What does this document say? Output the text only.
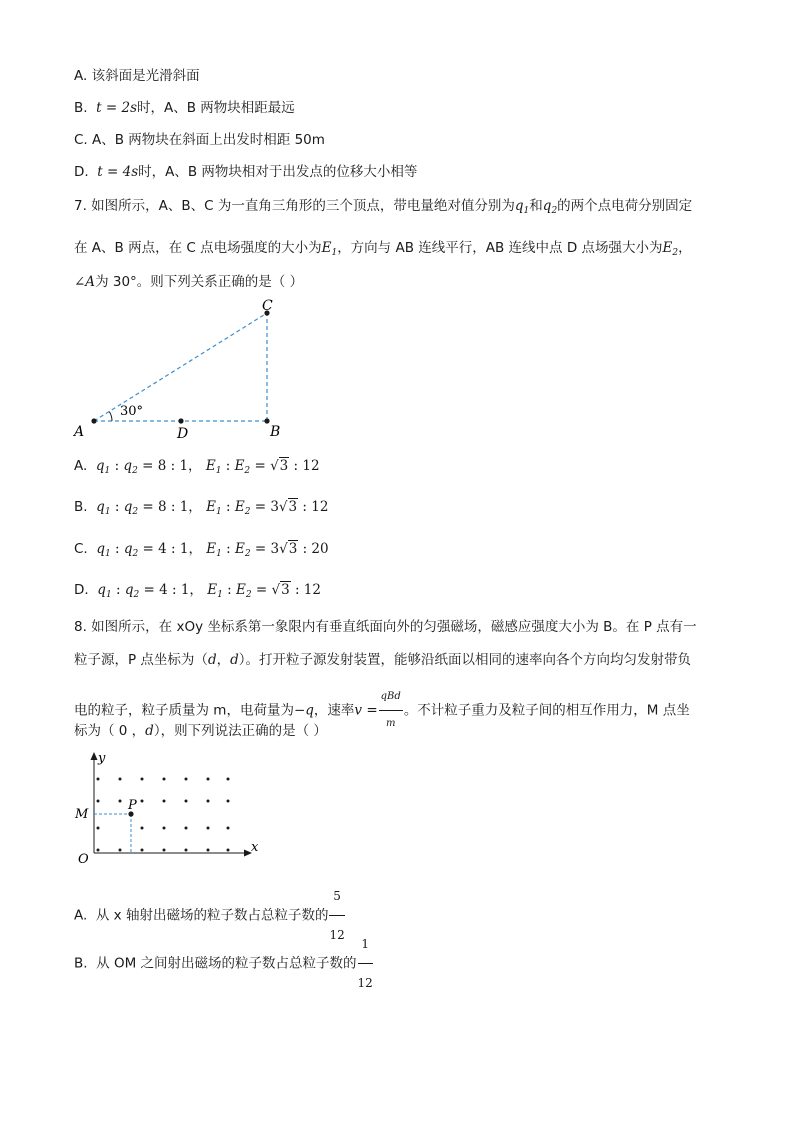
A. 该斜面是光滑斜面
B. t = 2s时，A、B 两物块相距最远
C. A、B 两物块在斜面上出发时相距 50m
D. t = 4s时，A、B 两物块相对于出发点的位移大小相等
7. 如图所示，A、B、C 为一直角三角形的三个顶点，带电量绝对值分别为$q_1$和$q_2$的两个点电荷分别固定
在 A、B 两点，在 C 点电场强度的大小为$E_1$，方向与 AB 连线平行，AB 连线中点 D 点场强大小为$E_2$，
∠A为 30°。则下列关系正确的是（ ）
A	D	B
C
30°
A. $q_1$ : $q_2 = 8$ : 1， $E_1$ : $E_2 = √3$ : 12
B. $q_1$ : $q_2 = 8$ : 1， $E_1$ : $E_2 = 3√3$ : 12
C. $q_1$ : $q_2 = 4$ : 1， $E_1$ : $E_2 = 3√3$ : 20
D. $q_1$ : $q_2 = 4$ : 1， $E_1$ : $E_2 = √3$ : 12
8. 如图所示，在 xOy 坐标系第一象限内有垂直纸面向外的匀强磁场，磁感应强度大小为 B。在 P 点有一
粒子源，P 点坐标为（d，d）。打开粒子源发射装置，能够沿纸面以相同的速率向各个方向均匀发射带负
电的粒子，粒子质量为 m，电荷量为−q，速率$v = \frac{\text{qBd}}{m}$ 。不计粒子重力及粒子间的相互作用力，M 点坐
标为（ 0 ，d），则下列说法正确的是（ ）
P
M
O
x
y
A. 从 x 轴射出磁场的粒子数占总粒子数的 $\frac{5}{12}$
B. 从 OM 之间射出磁场的粒子数占总粒子数的 $\frac{1}{12}$
